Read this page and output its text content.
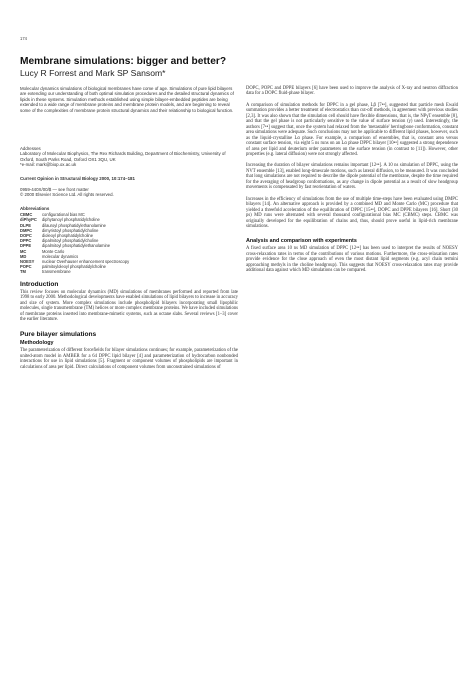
174
Membrane simulations: bigger and better?
Lucy R Forrest and Mark SP Sansom*

Molecular dynamics simulations of biological membranes have come of age. Simulations of pure lipid bilayers are extending our understanding of both optimal simulation procedures and the detailed structural dynamics of lipids in these systems. Simulation methods established using simple bilayer-embedded peptides are being extended to a wide range of membrane proteins and membrane protein models, and are beginning to reveal some of the complexities of membrane protein structural dynamics and their relationship to biological function.

Addresses
Laboratory of Molecular Biophysics, The Rex Richards Building, Department of Biochemistry, University of Oxford, South Parks Road, Oxford OX1 3QU, UK
*e-mail: mark@biop.ox.ac.uk
Current Opinion in Structural Biology 2000, 10:174–181
0959-440X/00/$ — see front matter
© 2000 Elsevier Science Ltd. All rights reserved.
Abbreviations
CBMC	configurational bias MC
diPhyPC	diphytanoyl phosphatidylcholine
DLPE	dilauroyl phosphatidylethanolamine
DMPC	dimyristoyl phosphatidylcholine
DOPC	dioleoyl phosphatidylcholine
DPPC	dipalmitoyl phosphatidylcholine
DPPE	dipalmitoyl phosphatidylethanolamine
MC	Monte Carlo
MD	molecular dynamics
NOESY	nuclear Overhauser enhancement spectroscopy
POPC	palmitoyloleoyl phosphatidylcholine
TM	transmembrane
Introduction

This review focuses on molecular dynamics (MD) simulations of membranes performed and reported from late 1998 to early 2000. Methodological developments have enabled simulations of lipid bilayers to increase in accuracy and size of system. More complex simulations include phospholipid bilayers incorporating small lipophilic molecules, single transmembrane (TM) helices or more complex membrane proteins. We have included simulations of membrane proteins inserted into membrane-mimetic systems, such as octane slabs. Several reviews [1–3] cover the earlier literature.

Pure bilayer simulations
Methodology

The parameterization of different forcefields for bilayer simulations continues; for example, parameterization of the united-atom model in AMBER for a 64 DPPC lipid bilayer [4] and parameterization of hydrocarbon nonbonded interactions for use in lipid simulations [5]. Fragment or component volumes of phospholipids are important in calculations of area per lipid. Direct calculations of component volumes from unconstrained simulations of

DOPC, POPC and DPPE bilayers [6] have been used to improve the analysis of X-ray and neutron diffraction data for a DOPC fluid-phase bilayer.

A comparison of simulation methods for DPPC in a gel phase, Lβ [7••], suggested that particle mesh Ewald summation provides a better treatment of electrostatics than cut-off methods, in agreement with previous studies [2,3]. It was also shown that the simulation cell should have flexible dimensions, that is, the NPγT ensemble [8], and that the gel phase is not particularly sensitive to the value of surface tension (γ) used. Interestingly, the authors [7••] suggest that, once the system had relaxed from the 'metastable' herringbone conformation, constant area simulations were adequate. Such conclusions may not be applicable to different lipid phases, however, such as the liquid-crystalline Lα phase. For example, a comparison of ensembles, that is, constant area versus constant surface tension, via eight 5 ns runs on an Lα phase DPPC bilayer [10••] suggested a strong dependence of area per lipid and deuterium order parameters on the surface tension (in contrast to [11]). However, other properties (e.g. lateral diffusion) were not strongly affected.

Increasing the duration of bilayer simulations remains important [12••]. A 10 ns simulation of DPPC, using the NVT ensemble [13], enabled long-timescale motions, such as lateral diffusion, to be measured. It was concluded that long simulations are not required to describe the dipole potential of the membrane, despite the time required for the averaging of headgroup conformations, as any change in dipole potential as a result of slow headgroup movements is compensated by fast reorientation of waters.

Increases in the efficiency of simulations from the use of multiple time-steps have been evaluated using DMPC bilayers [14]. An alternative approach is provided by a combined MD and Monte Carlo (MC) procedure that yielded a threefold acceleration of the equilibration of DPPC [15••], DOPC and DPPE bilayers [16]. Short (30 ps) MD runs were alternated with several thousand configurational bias MC (CBMC) steps. CBMC was originally developed for the equilibration of chains and, thus, should prove useful in lipid-rich membrane simulations.

Analysis and comparison with experiments

A fixed surface area 10 ns MD simulation of DPPC [12••] has been used to interpret the results of NOESY cross-relaxation rates in terms of the contributions of various motions. Furthermore, the cross-relaxation rates provide evidence for the close approach of even the most distant lipid segments (e.g. acyl chain termini approaching methyls in the choline headgroup). This suggests that NOESY cross-relaxation rates may provide additional data against which MD simulations can be compared.
